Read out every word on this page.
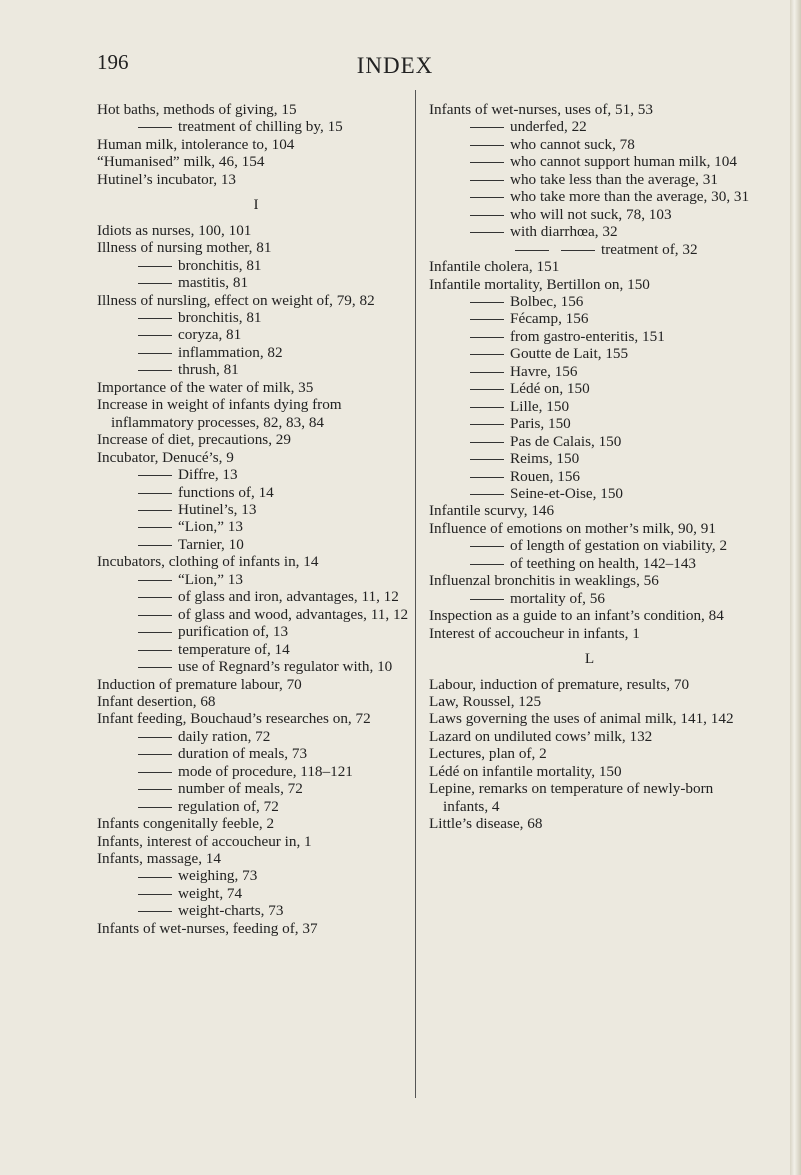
196	INDEX
Hot baths, methods of giving, 15
treatment of chilling by, 15
Human milk, intolerance to, 104
“Humanised” milk, 46, 154
Hutinel’s incubator, 13
I
Idiots as nurses, 100, 101
Illness of nursing mother, 81
bronchitis, 81
mastitis, 81
Illness of nursling, effect on weight of, 79, 82
bronchitis, 81
coryza, 81
inflammation, 82
thrush, 81
Importance of the water of milk, 35
Increase in weight of infants dying from inflammatory processes, 82, 83, 84
Increase of diet, precautions, 29
Incubator, Denucé’s, 9
Diffre, 13
functions of, 14
Hutinel’s, 13
“Lion,” 13
Tarnier, 10
Incubators, clothing of infants in, 14
“Lion,” 13
of glass and iron, advantages, 11, 12
of glass and wood, advantages, 11, 12
purification of, 13
temperature of, 14
use of Regnard’s regulator with, 10
Induction of premature labour, 70
Infant desertion, 68
Infant feeding, Bouchaud’s researches on, 72
daily ration, 72
duration of meals, 73
mode of procedure, 118–121
number of meals, 72
regulation of, 72
Infants congenitally feeble, 2
Infants, interest of accoucheur in, 1
Infants, massage, 14
weighing, 73
weight, 74
weight-charts, 73
Infants of wet-nurses, feeding of, 37
Infants of wet-nurses, uses of, 51, 53
underfed, 22
who cannot suck, 78
who cannot support human milk, 104
who take less than the average, 31
who take more than the average, 30, 31
who will not suck, 78, 103
with diarrhœa, 32
treatment of, 32
Infantile cholera, 151
Infantile mortality, Bertillon on, 150
Bolbec, 156
Fécamp, 156
from gastro-enteritis, 151
Goutte de Lait, 155
Havre, 156
Lédé on, 150
Lille, 150
Paris, 150
Pas de Calais, 150
Reims, 150
Rouen, 156
Seine-et-Oise, 150
Infantile scurvy, 146
Influence of emotions on mother’s milk, 90, 91
of length of gestation on viability, 2
of teething on health, 142–143
Influenzal bronchitis in weaklings, 56
mortality of, 56
Inspection as a guide to an infant’s condition, 84
Interest of accoucheur in infants, 1
L
Labour, induction of premature, results, 70
Law, Roussel, 125
Laws governing the uses of animal milk, 141, 142
Lazard on undiluted cows’ milk, 132
Lectures, plan of, 2
Lédé on infantile mortality, 150
Lepine, remarks on temperature of newly-born infants, 4
Little’s disease, 68
